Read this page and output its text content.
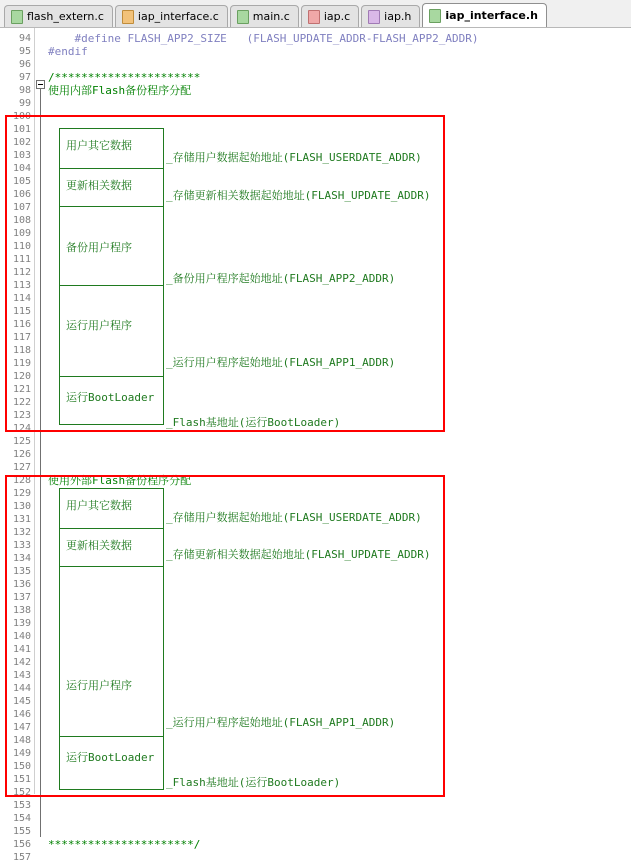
flash_extern.c	iap_interface.c	main.c	iap.c	iap.h	iap_interface.h
94
95
96
97
98
99
100
101
102
103
104
105
106
107
108
109
110
111
112
113
114
115
116
117
118
119
120
121
122
123
124
125
126
127
128
129
130
131
132
133
134
135
136
137
138
139
140
141
142
143
144
145
146
147
148
149
150
151
152
153
154
155
156
157
#define FLASH_APP2_SIZE   (FLASH_UPDATE_ADDR-FLASH_APP2_ADDR)
#endif
/**********************
使用内部Flash备份程序分配
使用外部Flash备份程序分配
**********************/
用户其它数据
更新相关数据
备份用户程序
运行用户程序
运行BootLoader
_存储用户数据起始地址(FLASH_USERDATE_ADDR)
_存储更新相关数据起始地址(FLASH_UPDATE_ADDR)
_备份用户程序起始地址(FLASH_APP2_ADDR)
_运行用户程序起始地址(FLASH_APP1_ADDR)
_Flash基地址(运行BootLoader)
用户其它数据
更新相关数据
运行用户程序
运行BootLoader
_存储用户数据起始地址(FLASH_USERDATE_ADDR)
_存储更新相关数据起始地址(FLASH_UPDATE_ADDR)
_运行用户程序起始地址(FLASH_APP1_ADDR)
_Flash基地址(运行BootLoader)
